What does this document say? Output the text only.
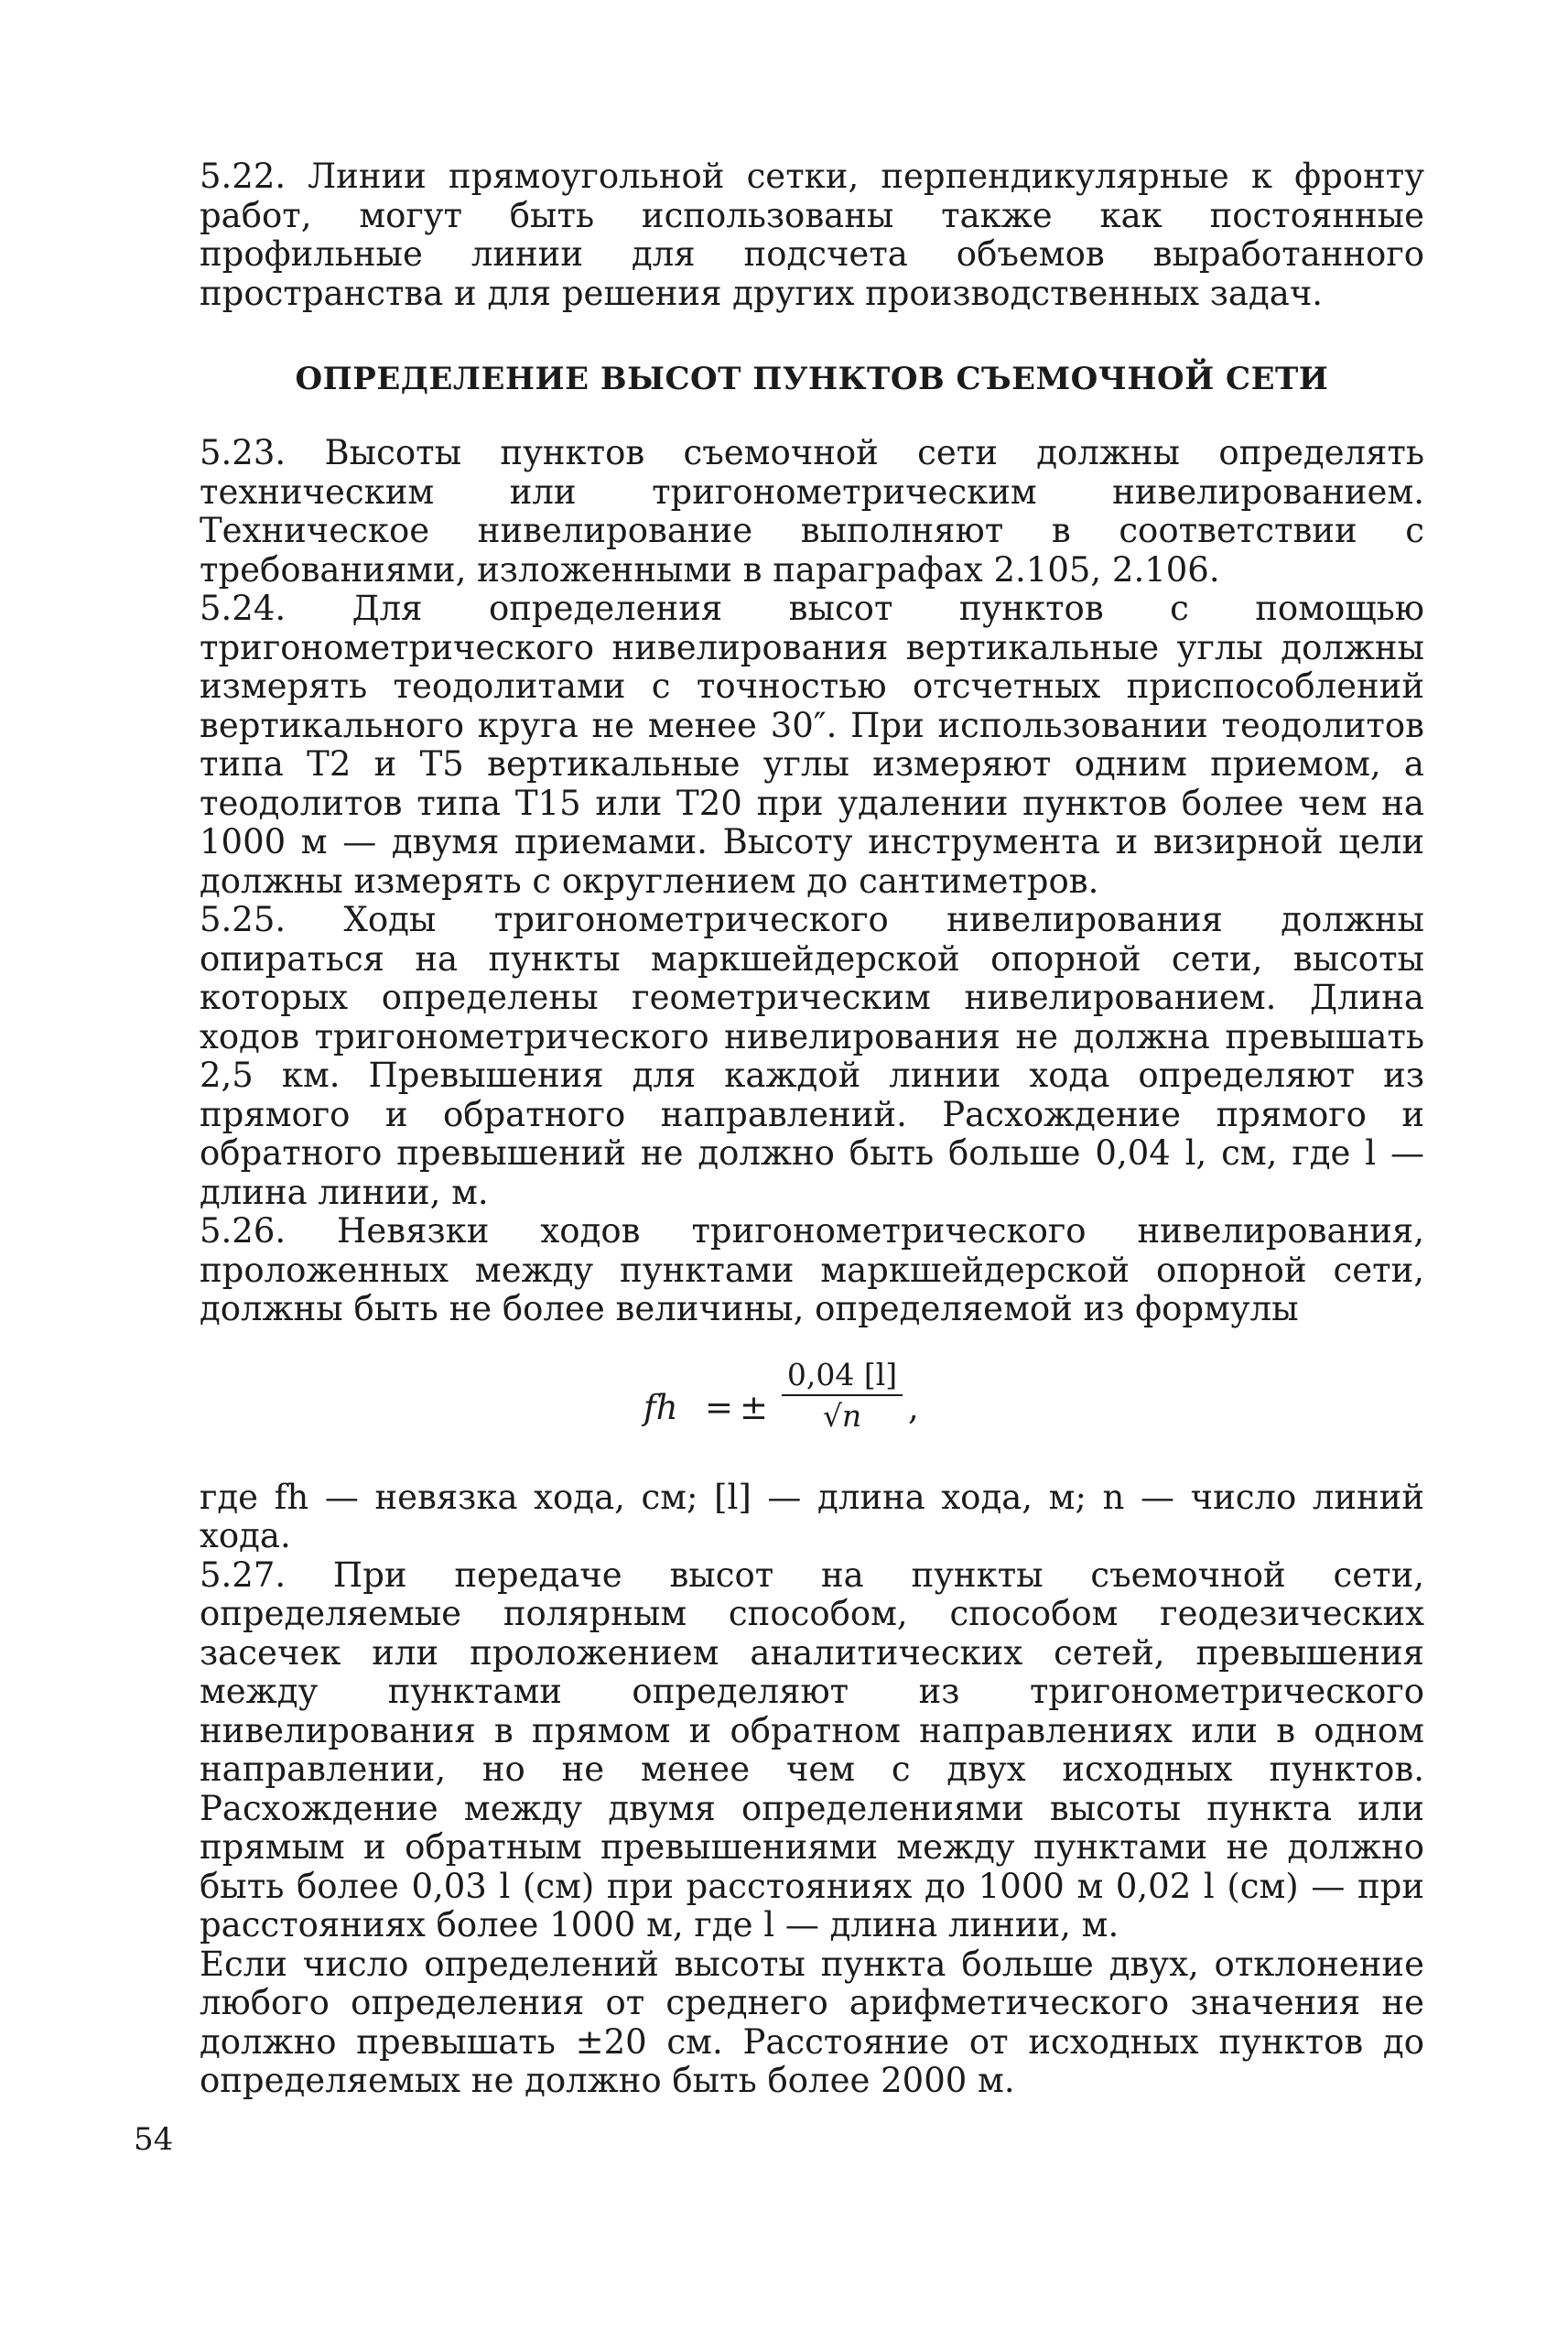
5.22. Линии прямоугольной сетки, перпендикулярные к фронту работ, могут быть использованы также как постоянные профильные линии для подсчета объемов выработанного пространства и для решения других производственных задач.

ОПРЕДЕЛЕНИЕ ВЫСОТ ПУНКТОВ СЪЕМОЧНОЙ СЕТИ

5.23. Высоты пунктов съемочной сети должны определять техническим или тригонометрическим нивелированием. Техническое нивелирование выполняют в соответствии с требованиями, изложенными в параграфах 2.105, 2.106.

5.24. Для определения высот пунктов с помощью тригонометрического нивелирования вертикальные углы должны измерять теодолитами с точностью отсчетных приспособлений вертикального круга не менее 30″. При использовании теодолитов типа Т2 и Т5 вертикальные углы измеряют одним приемом, а теодолитов типа Т15 или Т20 при удалении пунктов более чем на 1000 м — двумя приемами. Высоту инструмента и визирной цели должны измерять с округлением до сантиметров.

5.25. Ходы тригонометрического нивелирования должны опираться на пункты маркшейдерской опорной сети, высоты которых определены геометрическим нивелированием. Длина ходов тригонометрического нивелирования не должна превышать 2,5 км. Превышения для каждой линии хода определяют из прямого и обратного направлений. Расхождение прямого и обратного превышений не должно быть больше 0,04 l, см, где l — длина линии, м.

5.26. Невязки ходов тригонометрического нивелирования, проложенных между пунктами маркшейдерской опорной сети, должны быть не более величины, определяемой из формулы

fh = ± $\frac{0,04 [l]}{√n}$ ,

где fh — невязка хода, см; [l] — длина хода, м; n — число линий хода.

5.27. При передаче высот на пункты съемочной сети, определяемые полярным способом, способом геодезических засечек или проложением аналитических сетей, превышения между пунктами определяют из тригонометрического нивелирования в прямом и обратном направлениях или в одном направлении, но не менее чем с двух исходных пунктов. Расхождение между двумя определениями высоты пункта или прямым и обратным превышениями между пунктами не должно быть более 0,03 l (см) при расстояниях до 1000 м 0,02 l (см) — при расстояниях более 1000 м, где l — длина линии, м.

Если число определений высоты пункта больше двух, отклонение любого определения от среднего арифметического значения не должно превышать ±20 см. Расстояние от исходных пунктов до определяемых не должно быть более 2000 м.

54
